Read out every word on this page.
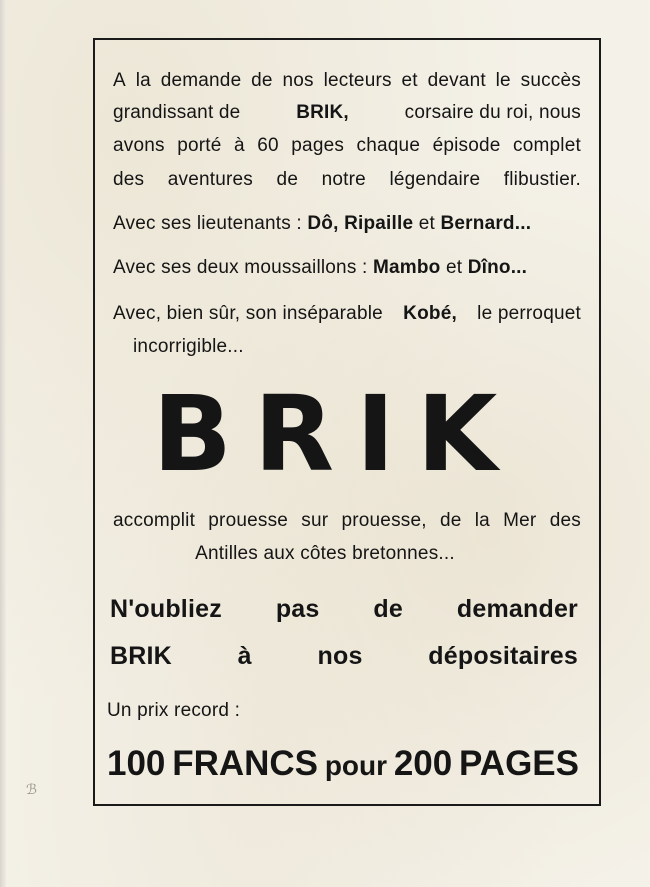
A la demande de nos lecteurs et devant le succès
grandissant de	BRIK,	corsaire du roi, nous
avons porté à 60 pages chaque épisode complet
des aventures de notre légendaire flibustier.
Avec ses lieutenants : Dô, Ripaille et Bernard...
Avec ses deux moussaillons : Mambo et Dîno...
Avec, bien sûr, son inséparable Kobé, le perroquet
incorrigible...
BRIK
accomplit prouesse sur prouesse, de la Mer des
Antilles aux côtes bretonnes...
N'oubliez pas de demander
BRIK	à	nos	dépositaires
Un prix record :
100 FRANCS pour 200 PAGES
ℬ
